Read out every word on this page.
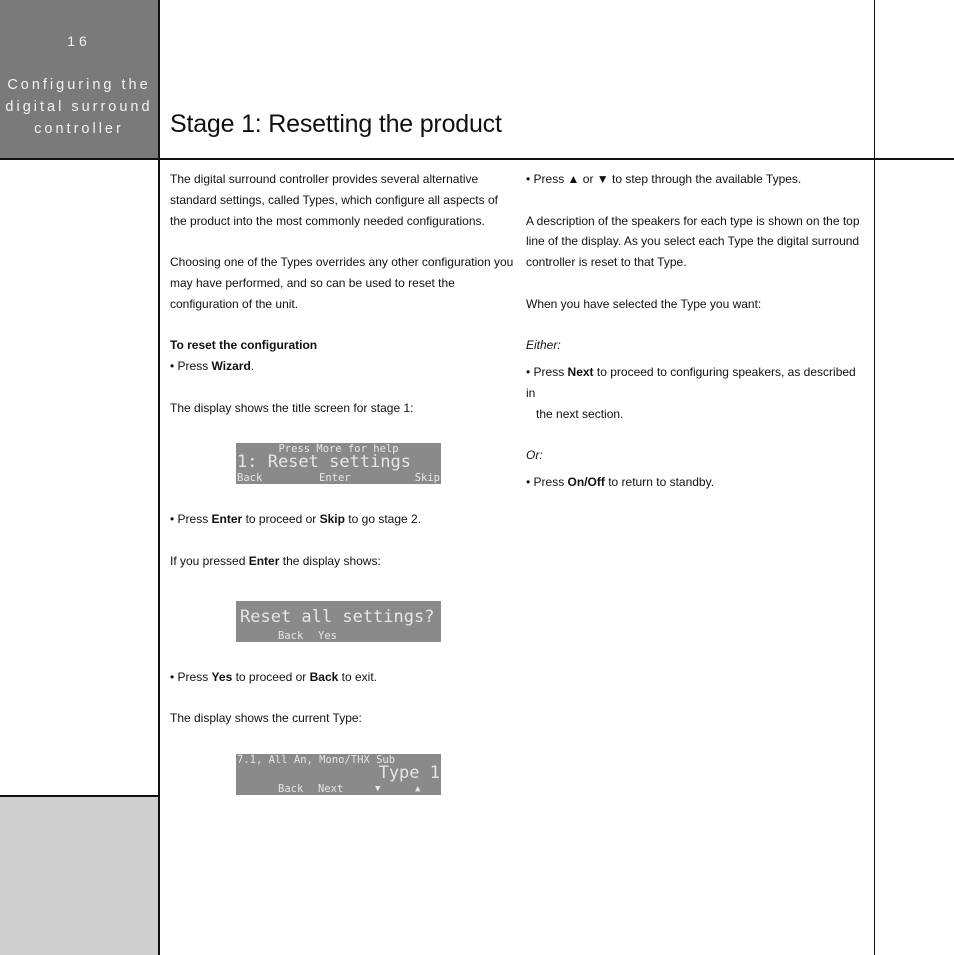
16
Configuring the
digital surround
controller	Stage 1: Resetting the product

The digital surround controller provides several alternative standard settings, called Types, which configure all aspects of the product into the most commonly needed configurations.

Choosing one of the Types overrides any other configuration you may have performed, and so can be used to reset the configuration of the unit.

To reset the configuration

• Press Wizard.

The display shows the title screen for stage 1:

Press More for help
1: Reset settings
Back	Enter	Skip

• Press Enter to proceed or Skip to go stage 2.

If you pressed Enter the display shows:

Reset all settings?
Back Yes

• Press Yes to proceed or Back to exit.

The display shows the current Type:

7.1, All An, Mono/THX Sub
Type 1
Back Next	▼	▲

• Press ▲ or ▼ to step through the available Types.

A description of the speakers for each type is shown on the top line of the display. As you select each Type the digital surround controller is reset to that Type.

When you have selected the Type you want:

Either:

• Press Next to proceed to configuring speakers, as described in

the next section.

Or:

• Press On/Off to return to standby.
